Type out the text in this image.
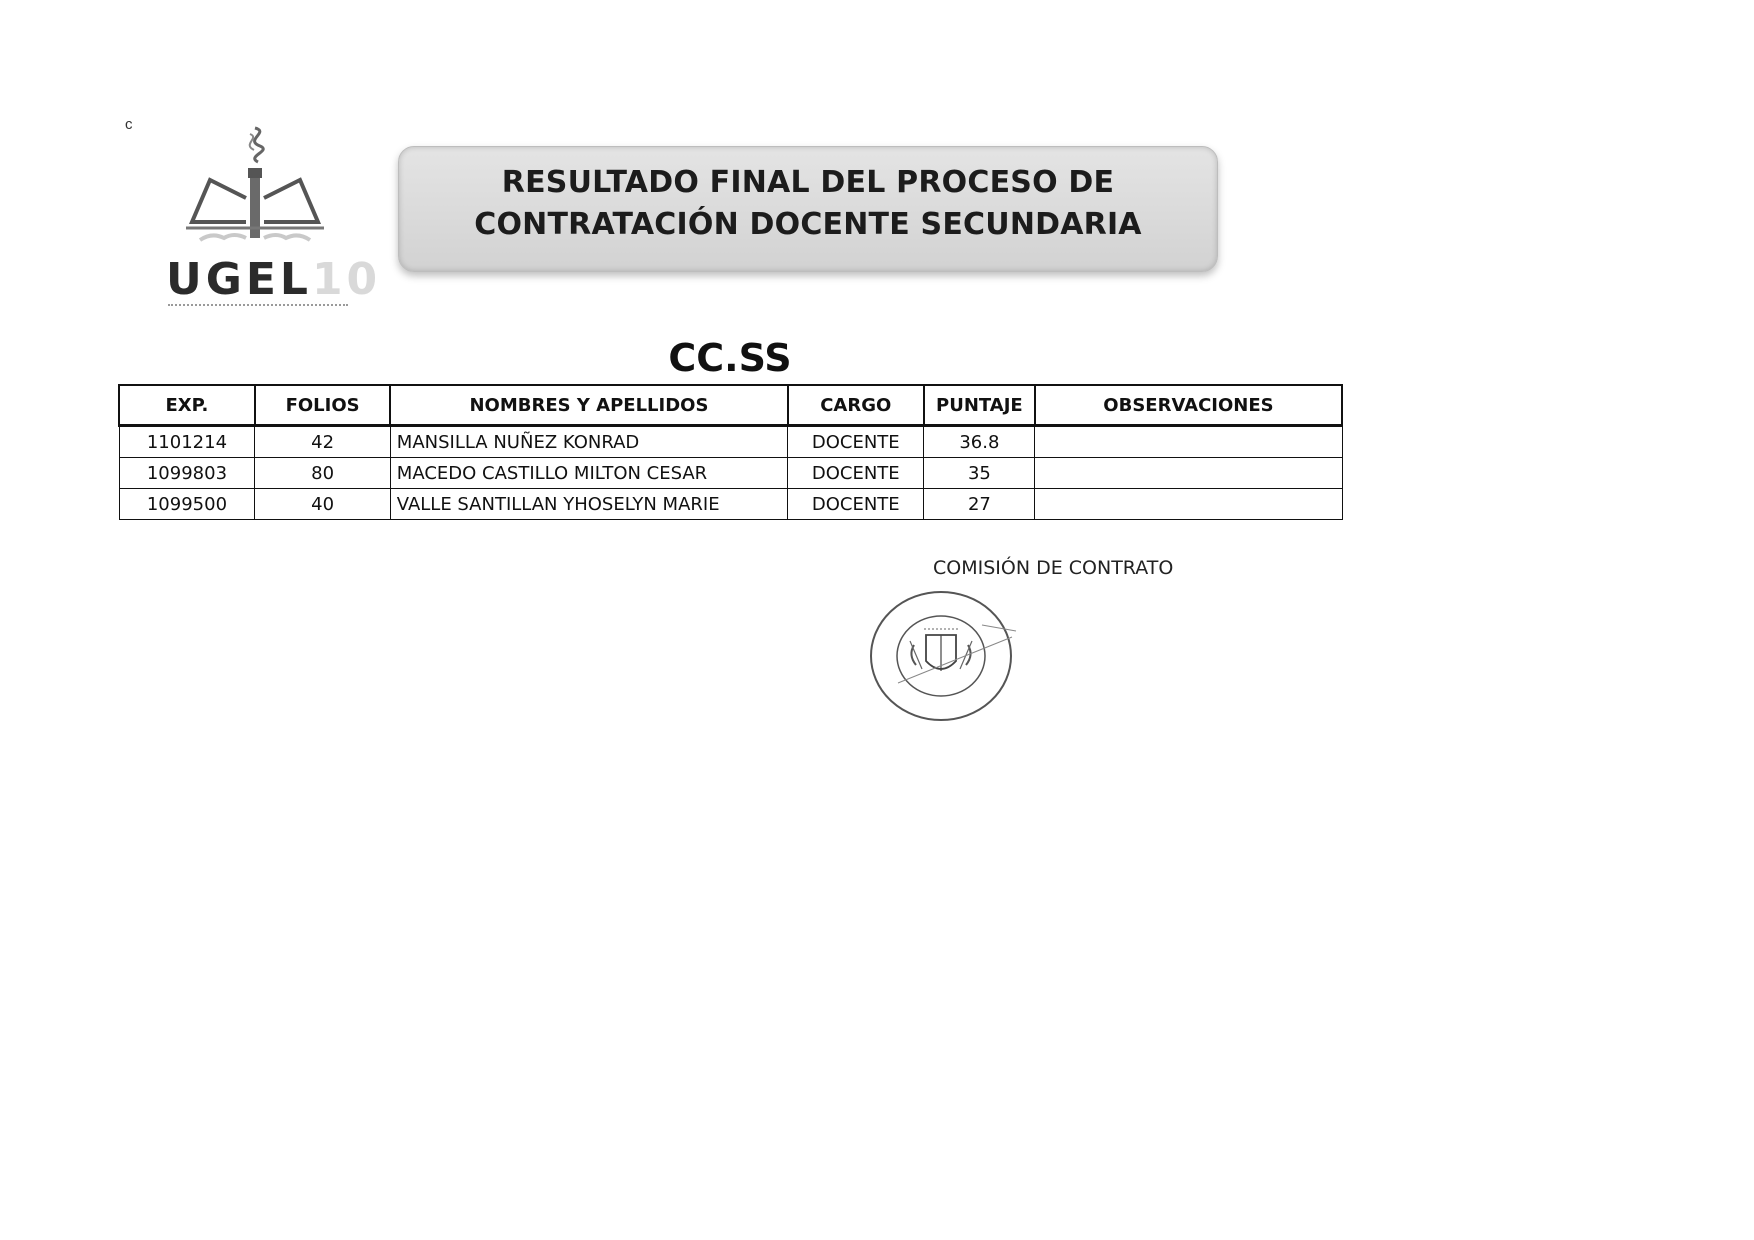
c
UGEL10
RESULTADO FINAL DEL PROCESO DE
CONTRATACIÓN DOCENTE SECUNDARIA
CC.SS
EXP.	FOLIOS	NOMBRES Y APELLIDOS	CARGO	PUNTAJE	OBSERVACIONES
1101214	42	MANSILLA NUÑEZ KONRAD	DOCENTE	36.8	
1099803	80	MACEDO CASTILLO MILTON CESAR	DOCENTE	35	
1099500	40	VALLE SANTILLAN YHOSELYN MARIE	DOCENTE	27	
COMISIÓN DE CONTRATO
